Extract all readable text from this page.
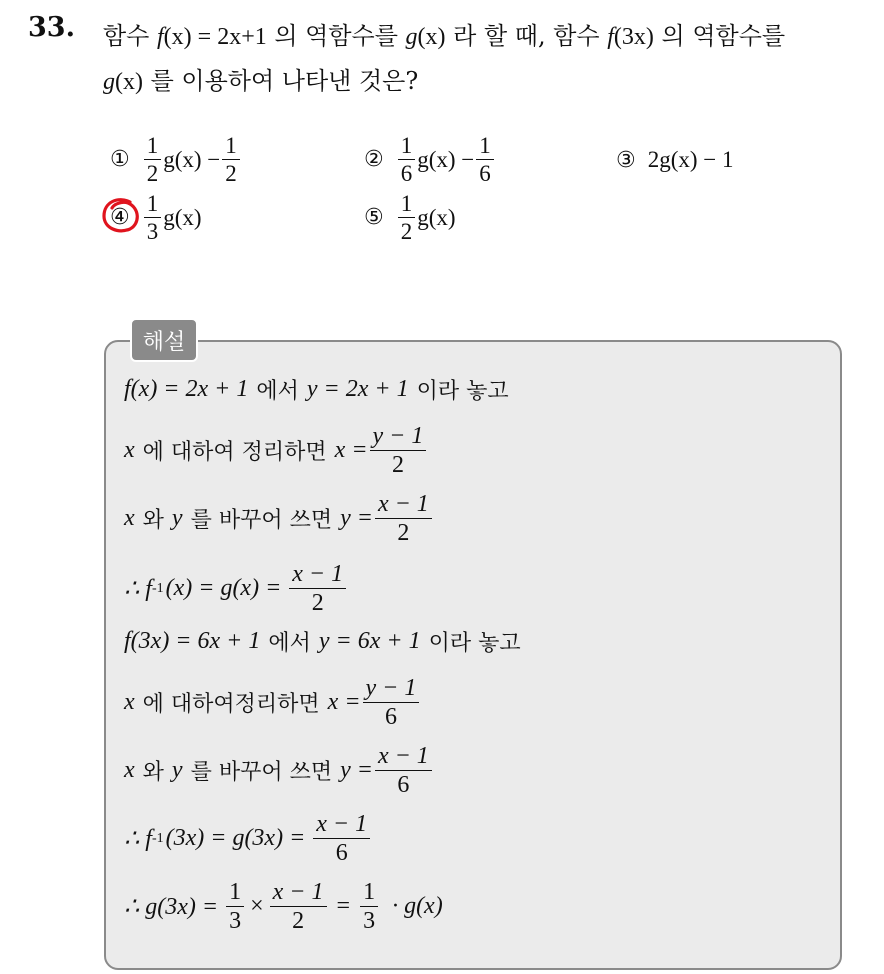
33. 함수 f(x) = 2x+1 의 역함수를 g(x) 라 할 때, 함수 f(3x) 의 역함수를
g(x) 를 이용하여 나타낸 것은?
① $\frac{1}{2} g(x) - \frac{1}{2}$	② $\frac{1}{6} g(x) - \frac{1}{6}$	③ 2g(x) − 1
④ $\frac{1}{3} g(x)$	⑤ $\frac{1}{2} g(x)$
해설
f(x) = 2x + 1 에서 y = 2x + 1 이라 놓고
x 에 대하여 정리하면 $x = \frac{y - 1}{2}$
x 와 y 를 바꾸어 쓰면 $y = \frac{x - 1}{2}$
∴ f -1 $(x) = g(x) = \frac{x - 1}{2}$
f(3x) = 6x + 1 에서 y = 6x + 1 이라 놓고
x 에 대하여정리하면 $x = \frac{y - 1}{6}$
x 와 y 를 바꾸어 쓰면 $y = \frac{x - 1}{6}$
∴ f -1 $(3x) = g(3x) = \frac{x - 1}{6}$
∴ $g(3x) = \frac{1}{3} \times \frac{x - 1}{2} = \frac{1}{3} \cdot g(x)$
